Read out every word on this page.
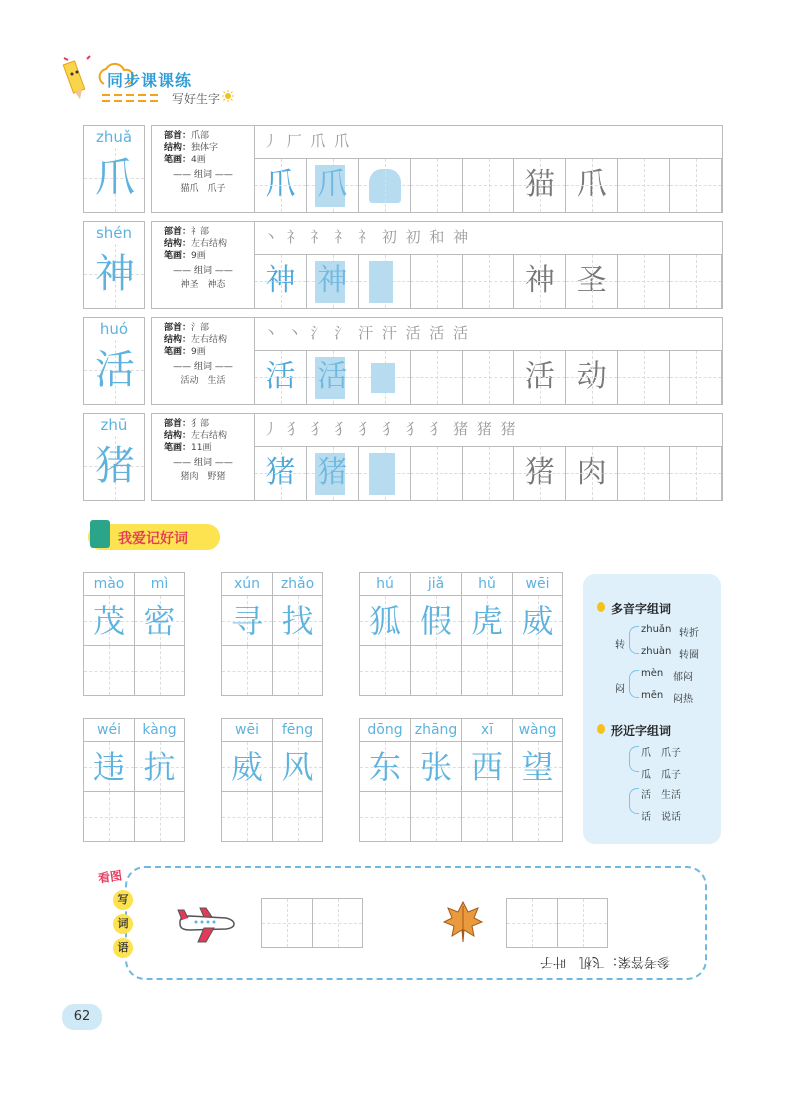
同步课课练
写好生字
zhuǎ
爪
部首：爪部
结构：独体字
笔画：4画
—— 组词 ——
猫爪　爪子
丿 厂 爪 爪
爪 爪	猫 爪
shén
神
部首：礻部
结构：左右结构
笔画：9画
—— 组词 ——
神圣　神态
丶 礻 礻 礻 礻 初 初 和 神
神 神	神 圣
huó
活
部首：氵部
结构：左右结构
笔画：9画
—— 组词 ——
活动　生活
丶 丶 氵 氵 汗 汗 活 活 活
活 活	活 动
zhū
猪
部首：犭部
结构：左右结构
笔画：11画
—— 组词 ——
猪肉　野猪
丿 犭 犭 犭 犭 犭 犭 犭 猪 猪 猪
猪 猪	猪 肉
我爱记好词
mào
茂
mì
密
xún
寻
zhǎo
找
hú
狐
jiǎ
假
hǔ
虎
wēi
威
wéi
违
kàng
抗
wēi
威
fēng
风
dōng
东
zhāng
张
xī
西
wàng
望
多音字组词
转
zhuǎn 转折
zhuàn 转圈
闷
mèn 郁闷
mēn 闷热
形近字组词
爪 爪子
瓜 瓜子
活 生活
话 说话
看图
写
词
语
参考答案：飞机　叶子
62
